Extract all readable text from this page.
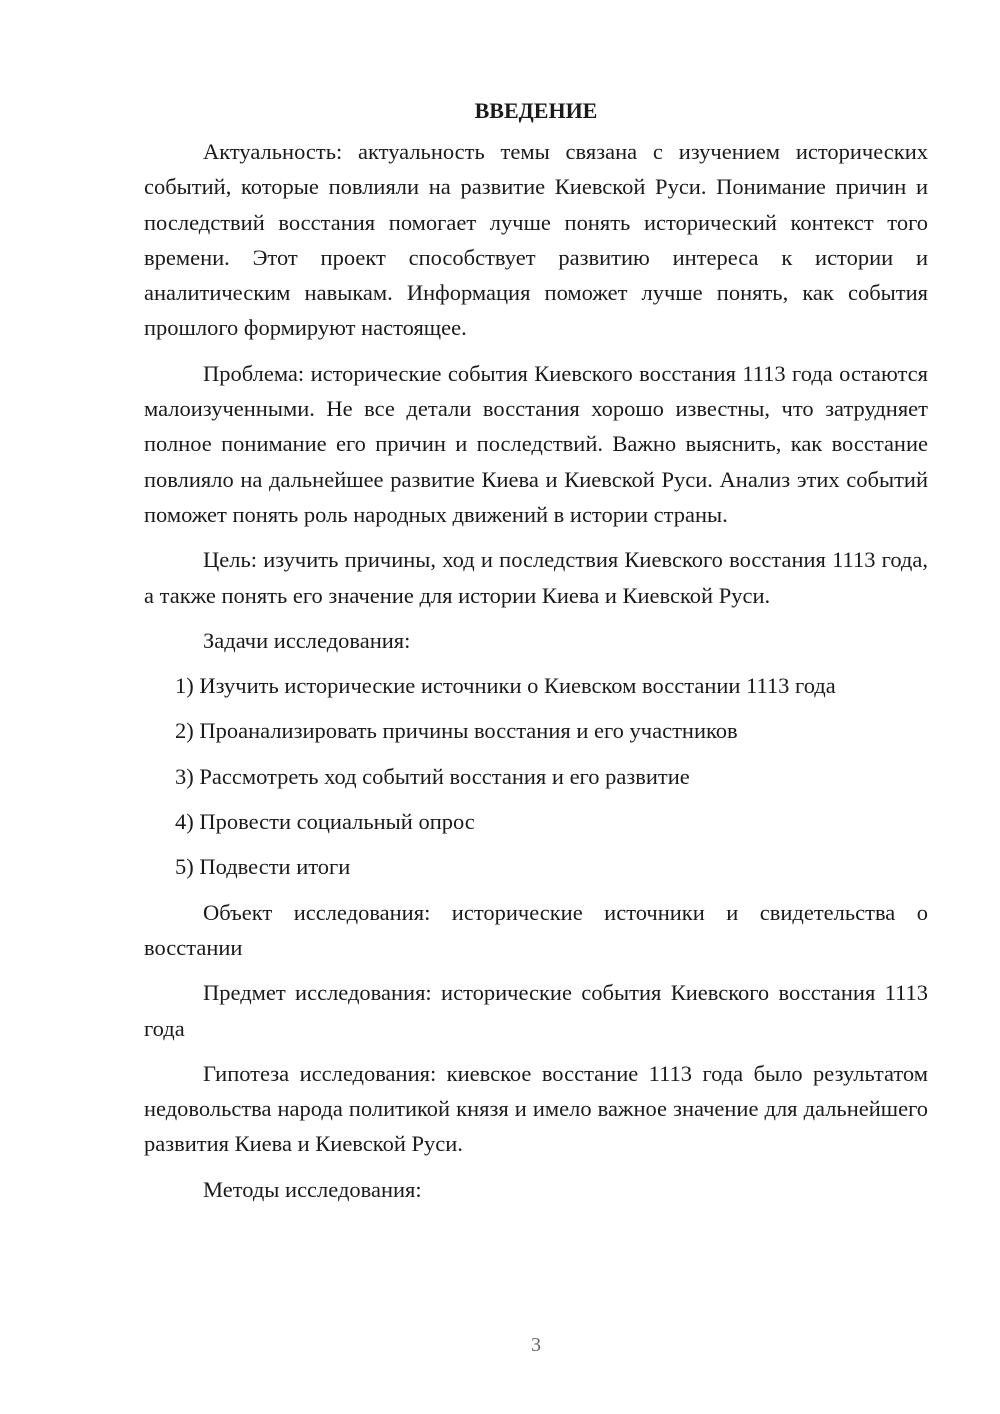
ВВЕДЕНИЕ

Актуальность: актуальность темы связана с изучением исторических событий, которые повлияли на развитие Киевской Руси. Понимание причин и последствий восстания помогает лучше понять исторический контекст того времени. Этот проект способствует развитию интереса к истории и аналитическим навыкам. Информация поможет лучше понять, как события прошлого формируют настоящее.

Проблема: исторические события Киевского восстания 1113 года остаются малоизученными. Не все детали восстания хорошо известны, что затрудняет полное понимание его причин и последствий. Важно выяснить, как восстание повлияло на дальнейшее развитие Киева и Киевской Руси. Анализ этих событий поможет понять роль народных движений в истории страны.

Цель: изучить причины, ход и последствия Киевского восстания 1113 года, а также понять его значение для истории Киева и Киевской Руси.

Задачи исследования:

1) Изучить исторические источники о Киевском восстании 1113 года

2) Проанализировать причины восстания и его участников

3) Рассмотреть ход событий восстания и его развитие

4) Провести социальный опрос

5) Подвести итоги

Объект исследования: исторические источники и свидетельства о восстании

Предмет исследования: исторические события Киевского восстания 1113 года

Гипотеза исследования: киевское восстание 1113 года было результатом недовольства народа политикой князя и имело важное значение для дальнейшего развития Киева и Киевской Руси.

Методы исследования:

3
